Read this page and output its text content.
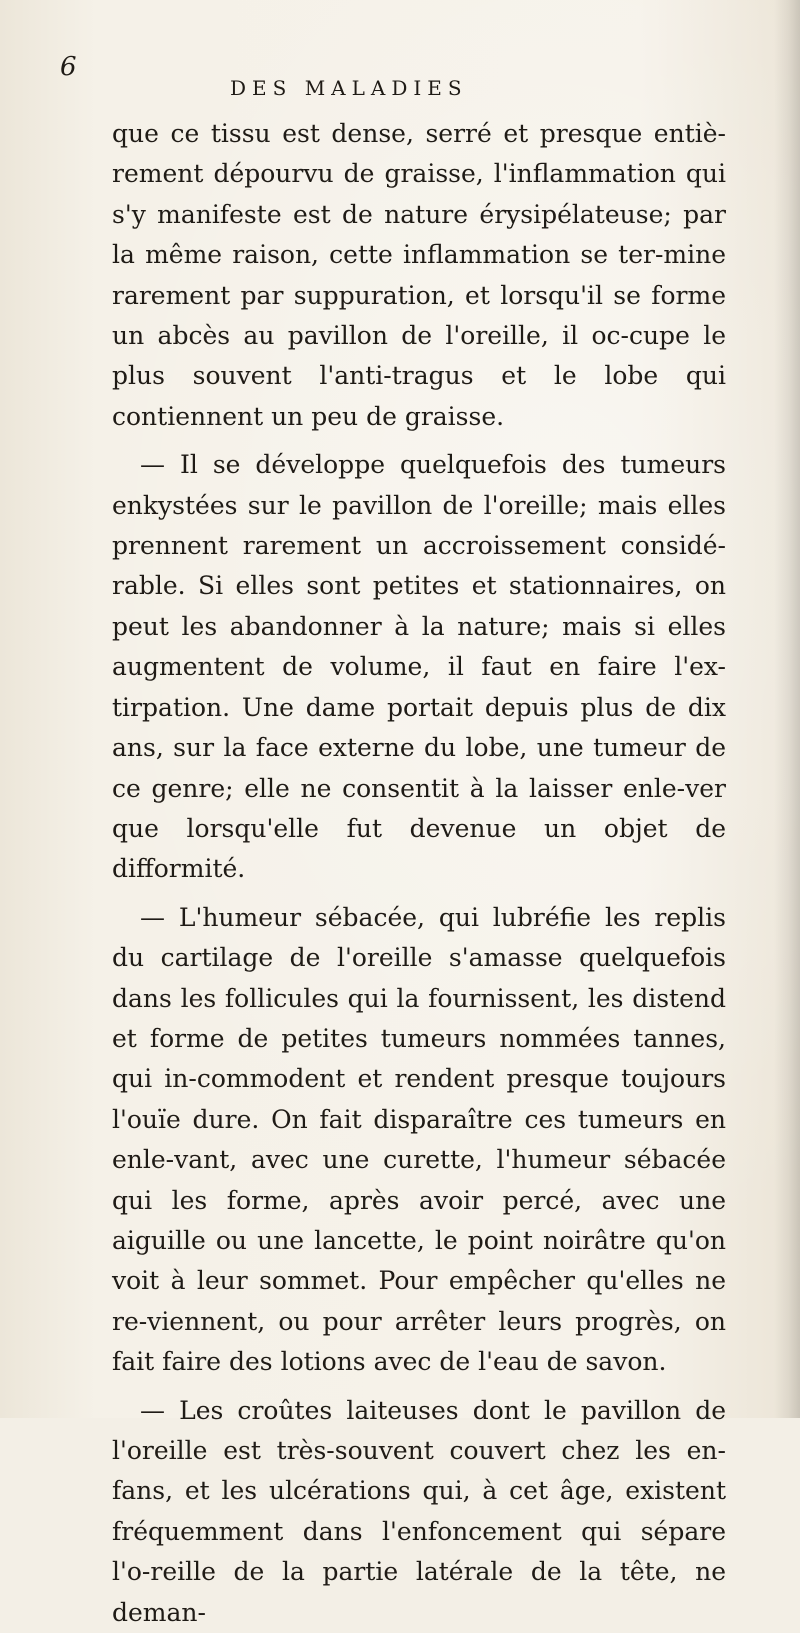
6
DES MALADIES

que ce tissu est dense, serré et presque entiè-rement dépourvu de graisse, l'inflammation qui s'y manifeste est de nature érysipélateuse; par la même raison, cette inflammation se ter-mine rarement par suppuration, et lorsqu'il se forme un abcès au pavillon de l'oreille, il oc-cupe le plus souvent l'anti-tragus et le lobe qui contiennent un peu de graisse.

— Il se développe quelquefois des tumeurs enkystées sur le pavillon de l'oreille; mais elles prennent rarement un accroissement considé-rable. Si elles sont petites et stationnaires, on peut les abandonner à la nature; mais si elles augmentent de volume, il faut en faire l'ex-tirpation. Une dame portait depuis plus de dix ans, sur la face externe du lobe, une tumeur de ce genre; elle ne consentit à la laisser enle-ver que lorsqu'elle fut devenue un objet de difformité.

— L'humeur sébacée, qui lubréfie les replis du cartilage de l'oreille s'amasse quelquefois dans les follicules qui la fournissent, les distend et forme de petites tumeurs nommées tannes, qui in-commodent et rendent presque toujours l'ouïe dure. On fait disparaître ces tumeurs en enle-vant, avec une curette, l'humeur sébacée qui les forme, après avoir percé, avec une aiguille ou une lancette, le point noirâtre qu'on voit à leur sommet. Pour empêcher qu'elles ne re-viennent, ou pour arrêter leurs progrès, on fait faire des lotions avec de l'eau de savon.

— Les croûtes laiteuses dont le pavillon de l'oreille est très-souvent couvert chez les en-fans, et les ulcérations qui, à cet âge, existent fréquemment dans l'enfoncement qui sépare l'o-reille de la partie latérale de la tête, ne deman-
